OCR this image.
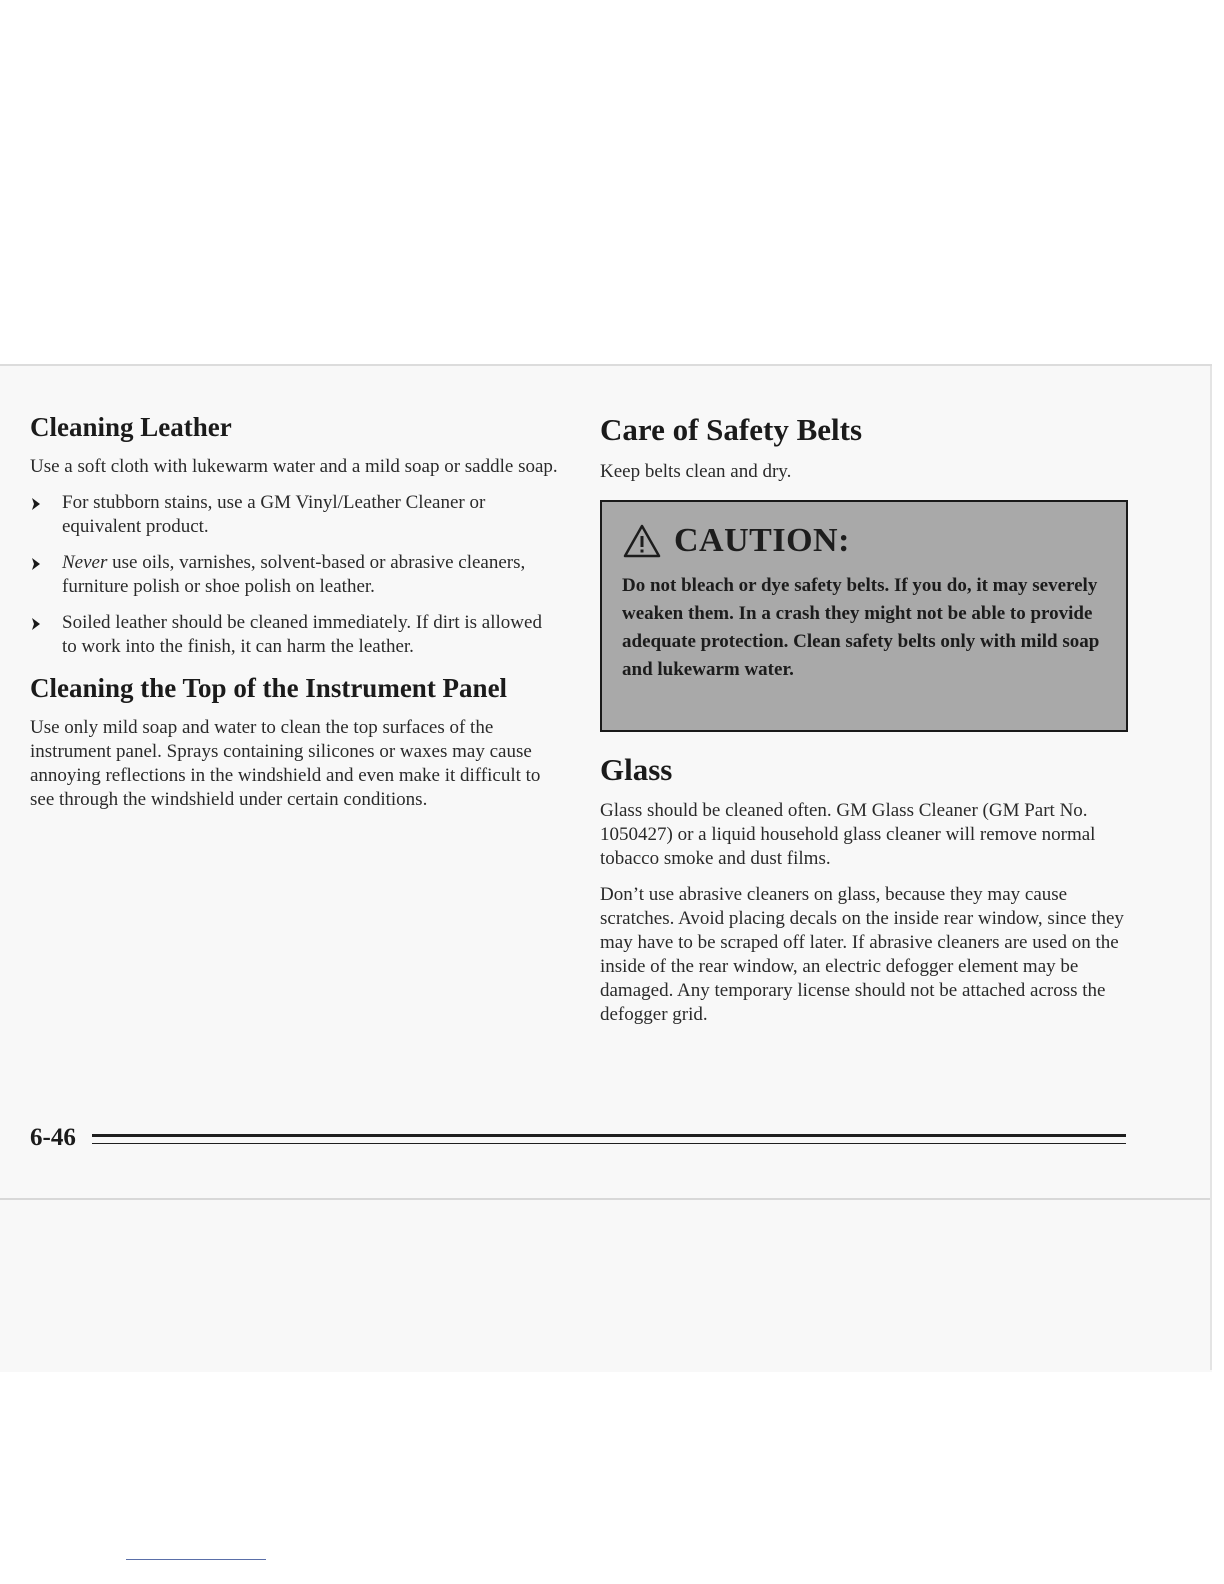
Cleaning Leather

Use a soft cloth with lukewarm water and a mild soap or saddle soap.

For stubborn stains, use a GM Vinyl/Leather Cleaner or equivalent product.
Never use oils, varnishes, solvent-based or abrasive cleaners, furniture polish or shoe polish on leather.
Soiled leather should be cleaned immediately. If dirt is allowed to work into the finish, it can harm the leather.
Cleaning the Top of the Instrument Panel

Use only mild soap and water to clean the top surfaces of the instrument panel. Sprays containing silicones or waxes may cause annoying reflections in the windshield and even make it difficult to see through the windshield under certain conditions.

Care of Safety Belts

Keep belts clean and dry.

CAUTION:
Do not bleach or dye safety belts. If you do, it may severely weaken them. In a crash they might not be able to provide adequate protection. Clean safety belts only with mild soap and lukewarm water.
Glass

Glass should be cleaned often. GM Glass Cleaner (GM Part No. 1050427) or a liquid household glass cleaner will remove normal tobacco smoke and dust films.

Don’t use abrasive cleaners on glass, because they may cause scratches. Avoid placing decals on the inside rear window, since they may have to be scraped off later. If abrasive cleaners are used on the inside of the rear window, an electric defogger element may be damaged. Any temporary license should not be attached across the defogger grid.

6-46
